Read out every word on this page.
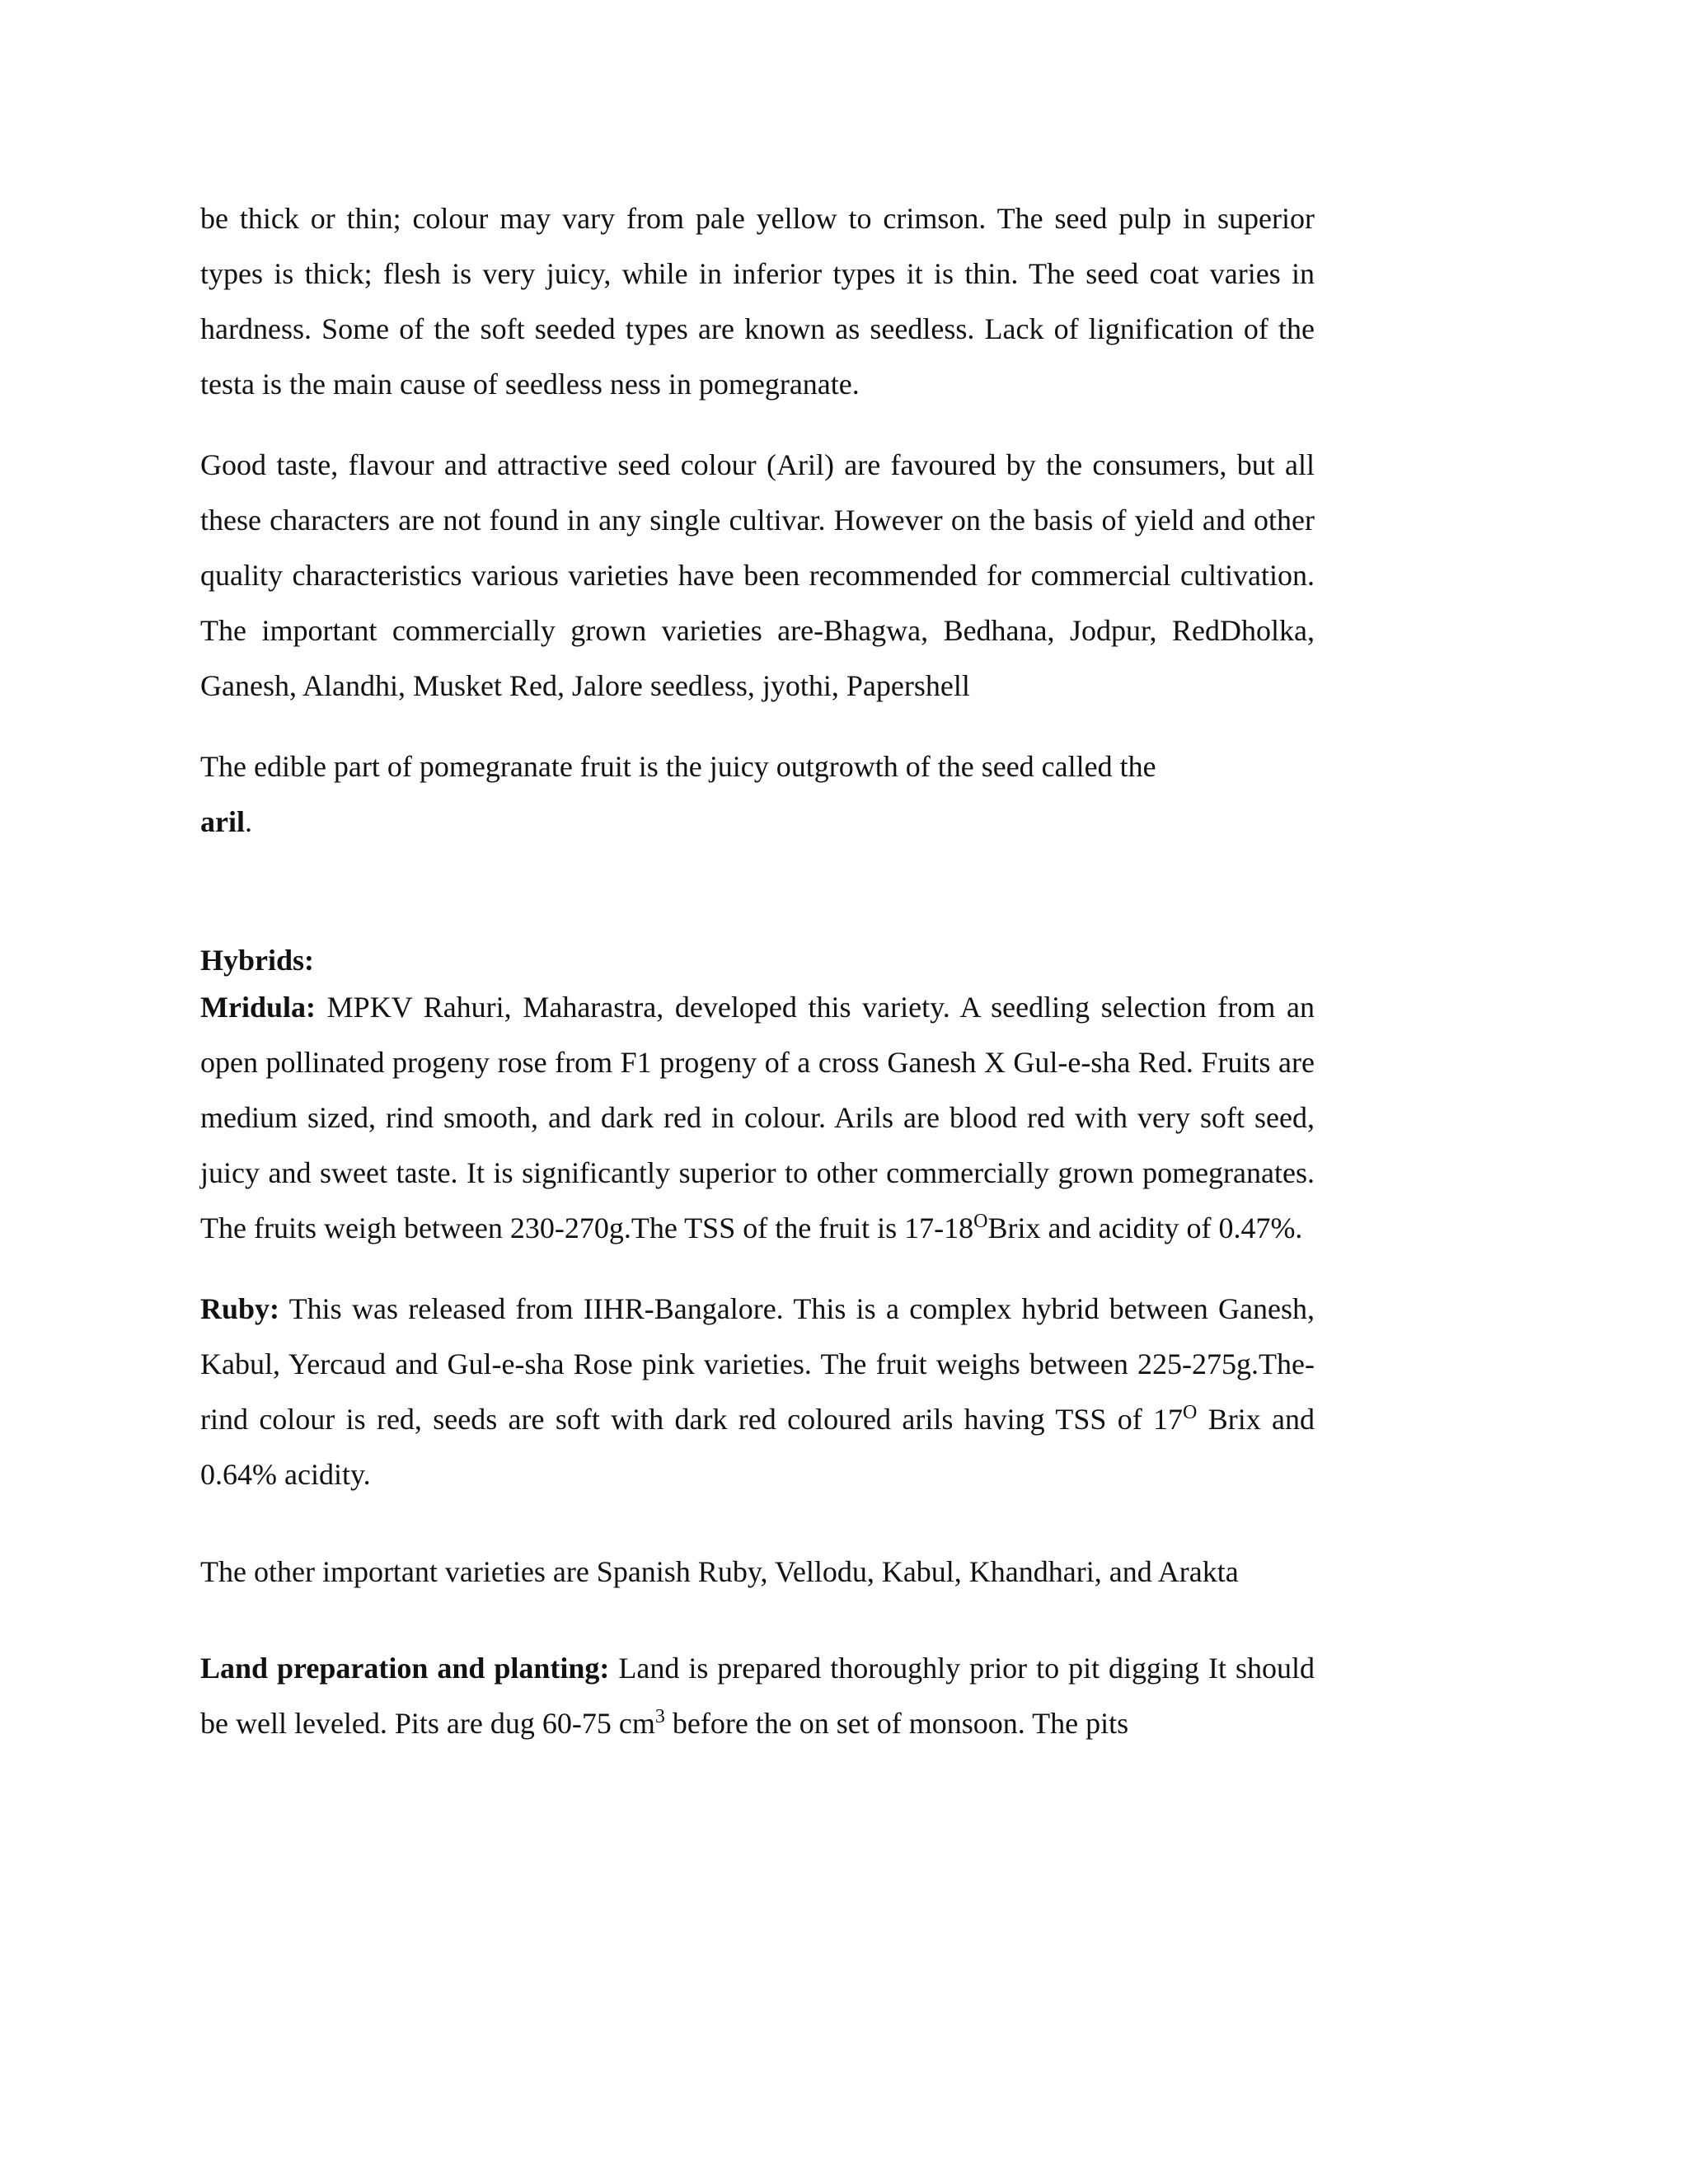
be thick or thin; colour may vary from pale yellow to crimson. The seed pulp in superior types is thick; flesh is very juicy, while in inferior types it is thin. The seed coat varies in hardness. Some of the soft seeded types are known as seedless. Lack of lignification of the testa is the main cause of seedless ness in pomegranate.

Good taste, flavour and attractive seed colour (Aril) are favoured by the consumers, but all these characters are not found in any single cultivar. However on the basis of yield and other quality characteristics various varieties have been recommended for commercial cultivation. The important commercially grown varieties are-Bhagwa, Bedhana, Jodpur, RedDholka, Ganesh, Alandhi, Musket Red, Jalore seedless, jyothi, Papershell

The edible part of pomegranate fruit is the juicy outgrowth of the seed called the
aril.

Hybrids:

Mridula: MPKV Rahuri, Maharastra, developed this variety. A seedling selection from an open pollinated progeny rose from F1 progeny of a cross Ganesh X Gul-e-sha Red. Fruits are medium sized, rind smooth, and dark red in colour. Arils are blood red with very soft seed, juicy and sweet taste. It is significantly superior to other commercially grown pomegranates. The fruits weigh between 230-270g.The TSS of the fruit is $17-18^OBrix$ and acidity of 0.47%.

Ruby: This was released from IIHR-Bangalore. This is a complex hybrid between Ganesh, Kabul, Yercaud and Gul-e-sha Rose pink varieties. The fruit weighs between 225-275g.The-rind colour is red, seeds are soft with dark red coloured arils having TSS of $17^O$ Brix and 0.64% acidity.

The other important varieties are Spanish Ruby, Vellodu, Kabul, Khandhari, and Arakta

Land preparation and planting: Land is prepared thoroughly prior to pit digging It should be well leveled. Pits are dug 60-75 $cm^3$ before the on set of monsoon. The pits
